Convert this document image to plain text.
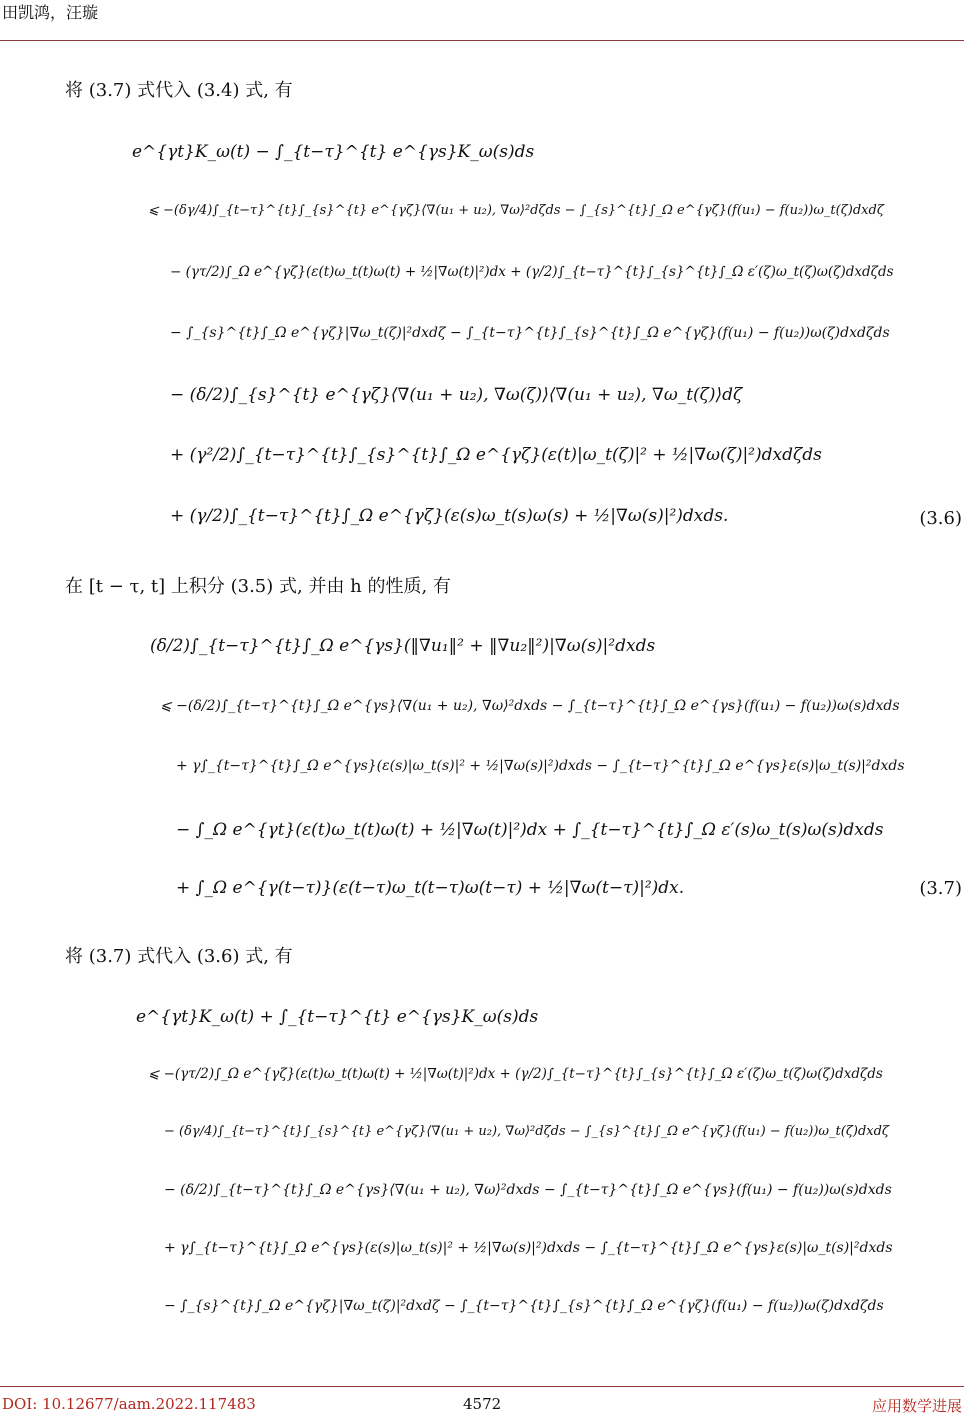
田凯鸿，汪璇
将 (3.7) 式代入 (3.4) 式, 有
e^{γt}K_ω(t) − ∫_{t−τ}^{t} e^{γs}K_ω(s)ds
⩽ −(δγ/4)∫_{t−τ}^{t}∫_{s}^{t} e^{γζ}⟨∇(u₁ + u₂), ∇ω⟩²dζds − ∫_{s}^{t}∫_Ω e^{γζ}(f(u₁) − f(u₂))ω_t(ζ)dxdζ
− (γτ/2)∫_Ω e^{γζ}(ε(t)ω_t(t)ω(t) + ½|∇ω(t)|²)dx + (γ/2)∫_{t−τ}^{t}∫_{s}^{t}∫_Ω ε′(ζ)ω_t(ζ)ω(ζ)dxdζds
− ∫_{s}^{t}∫_Ω e^{γζ}|∇ω_t(ζ)|²dxdζ − ∫_{t−τ}^{t}∫_{s}^{t}∫_Ω e^{γζ}(f(u₁) − f(u₂))ω(ζ)dxdζds
− (δ/2)∫_{s}^{t} e^{γζ}⟨∇(u₁ + u₂), ∇ω(ζ)⟩⟨∇(u₁ + u₂), ∇ω_t(ζ)⟩dζ
+ (γ²/2)∫_{t−τ}^{t}∫_{s}^{t}∫_Ω e^{γζ}(ε(t)|ω_t(ζ)|² + ½|∇ω(ζ)|²)dxdζds
+ (γ/2)∫_{t−τ}^{t}∫_Ω e^{γζ}(ε(s)ω_t(s)ω(s) + ½|∇ω(s)|²)dxds.	(3.6)
在 [t − τ, t] 上积分 (3.5) 式, 并由 h 的性质, 有
(δ/2)∫_{t−τ}^{t}∫_Ω e^{γs}(‖∇u₁‖² + ‖∇u₂‖²)|∇ω(s)|²dxds
⩽ −(δ/2)∫_{t−τ}^{t}∫_Ω e^{γs}⟨∇(u₁ + u₂), ∇ω⟩²dxds − ∫_{t−τ}^{t}∫_Ω e^{γs}(f(u₁) − f(u₂))ω(s)dxds
+ γ∫_{t−τ}^{t}∫_Ω e^{γs}(ε(s)|ω_t(s)|² + ½|∇ω(s)|²)dxds − ∫_{t−τ}^{t}∫_Ω e^{γs}ε(s)|ω_t(s)|²dxds
− ∫_Ω e^{γt}(ε(t)ω_t(t)ω(t) + ½|∇ω(t)|²)dx + ∫_{t−τ}^{t}∫_Ω ε′(s)ω_t(s)ω(s)dxds
+ ∫_Ω e^{γ(t−τ)}(ε(t−τ)ω_t(t−τ)ω(t−τ) + ½|∇ω(t−τ)|²)dx.	(3.7)
将 (3.7) 式代入 (3.6) 式, 有
e^{γt}K_ω(t) + ∫_{t−τ}^{t} e^{γs}K_ω(s)ds
⩽ −(γτ/2)∫_Ω e^{γζ}(ε(t)ω_t(t)ω(t) + ½|∇ω(t)|²)dx + (γ/2)∫_{t−τ}^{t}∫_{s}^{t}∫_Ω ε′(ζ)ω_t(ζ)ω(ζ)dxdζds
− (δγ/4)∫_{t−τ}^{t}∫_{s}^{t} e^{γζ}⟨∇(u₁ + u₂), ∇ω⟩²dζds − ∫_{s}^{t}∫_Ω e^{γζ}(f(u₁) − f(u₂))ω_t(ζ)dxdζ
− (δ/2)∫_{t−τ}^{t}∫_Ω e^{γs}⟨∇(u₁ + u₂), ∇ω⟩²dxds − ∫_{t−τ}^{t}∫_Ω e^{γs}(f(u₁) − f(u₂))ω(s)dxds
+ γ∫_{t−τ}^{t}∫_Ω e^{γs}(ε(s)|ω_t(s)|² + ½|∇ω(s)|²)dxds − ∫_{t−τ}^{t}∫_Ω e^{γs}ε(s)|ω_t(s)|²dxds
− ∫_{s}^{t}∫_Ω e^{γζ}|∇ω_t(ζ)|²dxdζ − ∫_{t−τ}^{t}∫_{s}^{t}∫_Ω e^{γζ}(f(u₁) − f(u₂))ω(ζ)dxdζds
DOI: 10.12677/aam.2022.117483	4572	应用数学进展
